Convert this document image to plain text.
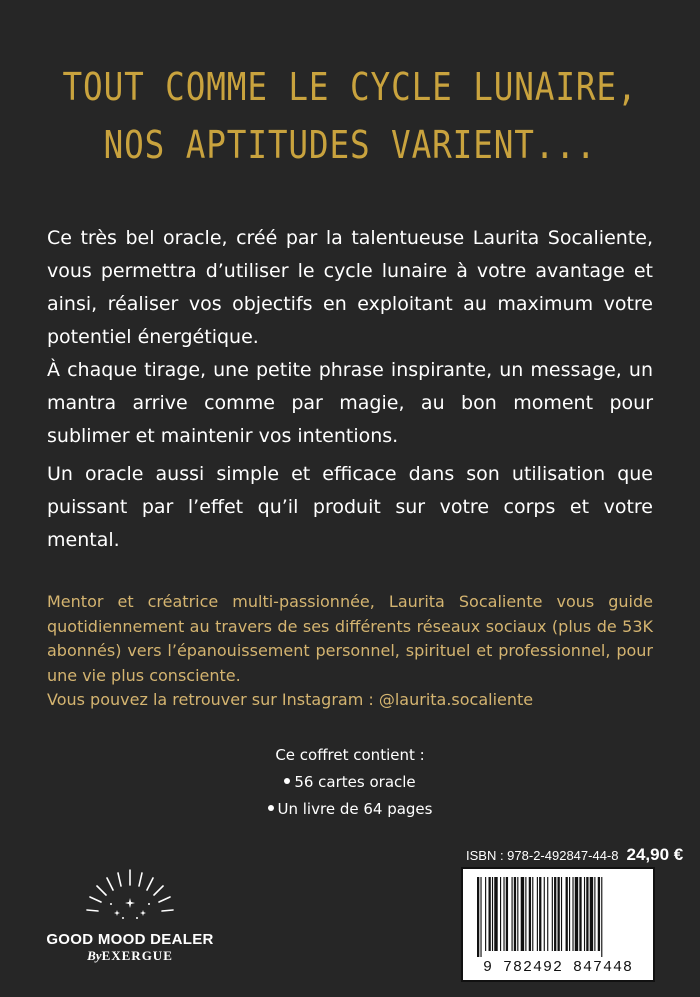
TOUT COMME LE CYCLE LUNAIRE,
NOS APTITUDES VARIENT...

Ce très bel oracle, créé par la talentueuse Laurita Socaliente, vous permettra d’utiliser le cycle lunaire à votre avantage et ainsi, réaliser vos objectifs en exploitant au maximum votre potentiel énergétique.

À chaque tirage, une petite phrase inspirante, un message, un mantra arrive comme par magie, au bon moment pour sublimer et maintenir vos intentions.

Un oracle aussi simple et efficace dans son utilisation que puissant par l’effet qu’il produit sur votre corps et votre mental.

Mentor et créatrice multi-passionnée, Laurita Socaliente vous guide quotidiennement au travers de ses différents réseaux sociaux (plus de 53K abonnés) vers l’épanouissement personnel, spirituel et professionnel, pour une vie plus consciente.
Vous pouvez la retrouver sur Instagram : @laurita.socaliente
Ce coffret contient :
56 cartes oracle
Un livre de 64 pages
GOOD MOOD DEALER
ByEXERGUE
ISBN : 978-2-492847-44-8 24,90 €
9 782492 847448
